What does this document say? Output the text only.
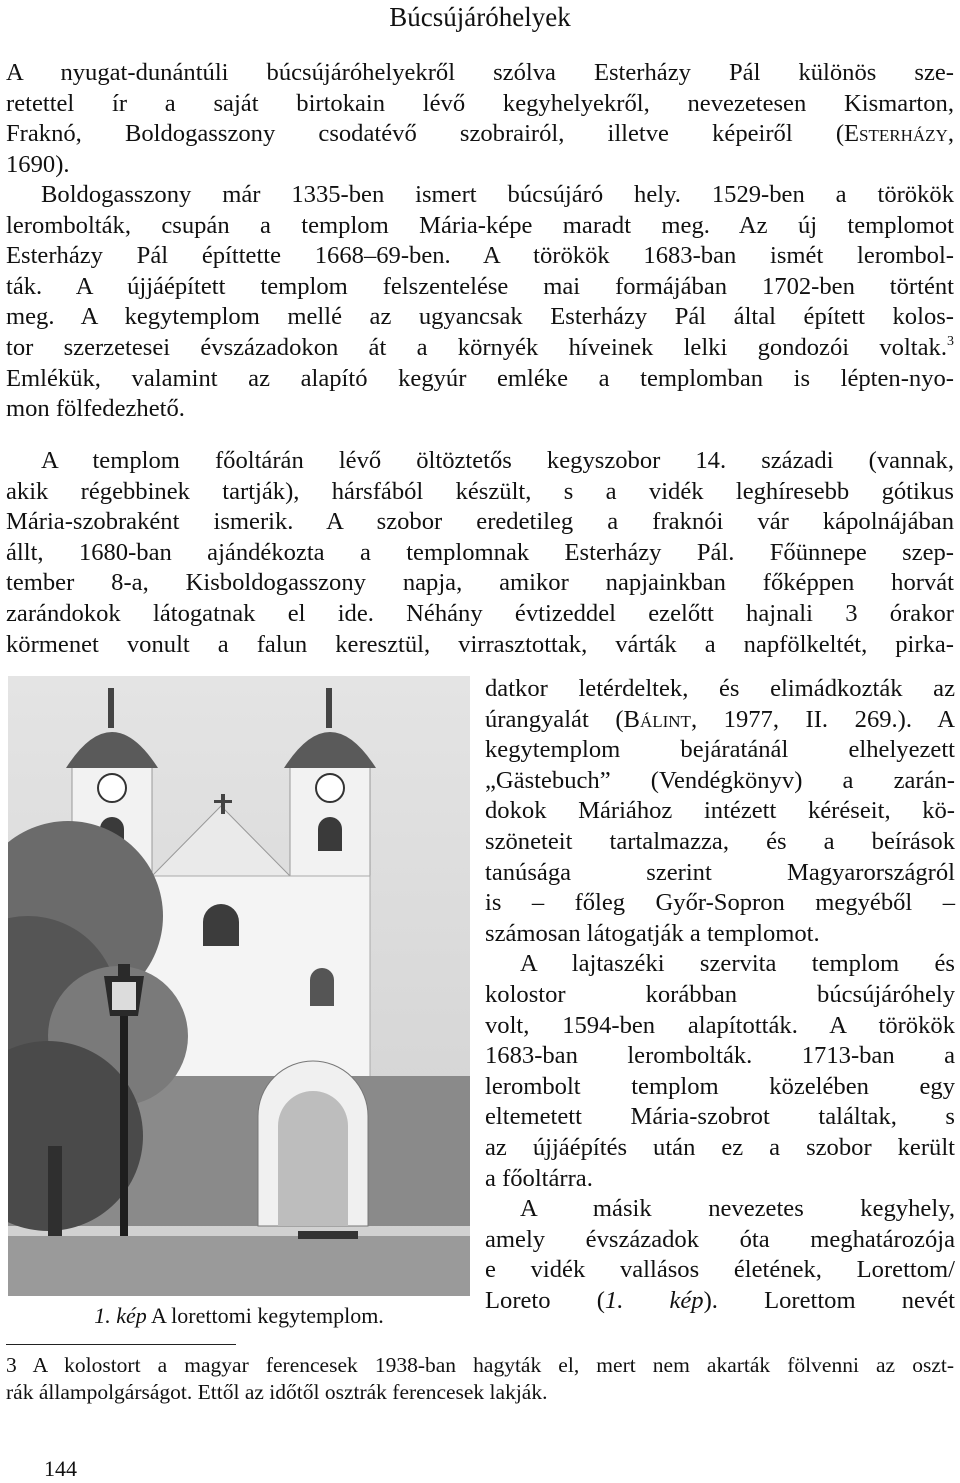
Búcsújáróhelyek
A nyugat-dunántúli búcsújáróhelyekről szólva Esterházy Pál különös sze-
retettel ír a saját birtokain lévő kegyhelyekről, nevezetesen Kismarton,
Fraknó, Boldogasszony csodatévő szobrairól, illetve képeiről (Esterházy,
1690).
Boldogasszony már 1335-ben ismert búcsújáró hely. 1529-ben a törökök
lerombolták, csupán a templom Mária-képe maradt meg. Az új templomot
Esterházy Pál építtette 1668–69-ben. A törökök 1683-ban ismét lerombol-
ták. A újjáépített templom felszentelése mai formájában 1702-ben történt
meg. A kegytemplom mellé az ugyancsak Esterházy Pál által épített kolos-
tor szerzetesei évszázadokon át a környék híveinek lelki gondozói voltak.$^3$
Emlékük, valamint az alapító kegyúr emléke a templomban is lépten-nyo-
mon fölfedezhető.
A templom főoltárán lévő öltöztetős kegyszobor 14. századi (vannak,
akik régebbinek tartják), hársfából készült, s a vidék leghíresebb gótikus
Mária-szobraként ismerik. A szobor eredetileg a fraknói vár kápolnájában
állt, 1680-ban ajándékozta a templomnak Esterházy Pál. Főünnepe szep-
tember 8-a, Kisboldogasszony napja, amikor napjainkban főképpen horvát
zarándokok látogatnak el ide. Néhány évtizeddel ezelőtt hajnali 3 órakor
körmenet vonult a falun keresztül, virrasztottak, várták a napfölkeltét, pirka-
1. kép A lorettomi kegytemplom.
datkor letérdeltek, és elimádkozták az
úrangyalát (Bálint, 1977, II. 269.). A
kegytemplom bejáratánál elhelyezett
„Gästebuch” (Vendégkönyv) a zarán-
dokok Máriához intézett kéréseit, kö-
szöneteit tartalmazza, és a beírások
tanúsága szerint Magyarországról
is – főleg Győr-Sopron megyéből –
számosan látogatják a templomot.
A lajtaszéki szervita templom és
kolostor korábban búcsújáróhely
volt, 1594-ben alapították. A törökök
1683-ban lerombolták. 1713-ban a
lerombolt templom közelében egy
eltemetett Mária-szobrot találtak, s
az újjáépítés után ez a szobor került
a főoltárra.
A másik nevezetes kegyhely,
amely évszázadok óta meghatározója
e vidék vallásos életének, Lorettom/
Loreto (1. kép). Lorettom nevét
3 A kolostort a magyar ferencesek 1938-ban hagyták el, mert nem akarták fölvenni az oszt-
rák állampolgárságot. Ettől az időtől osztrák ferencesek lakják.
144
